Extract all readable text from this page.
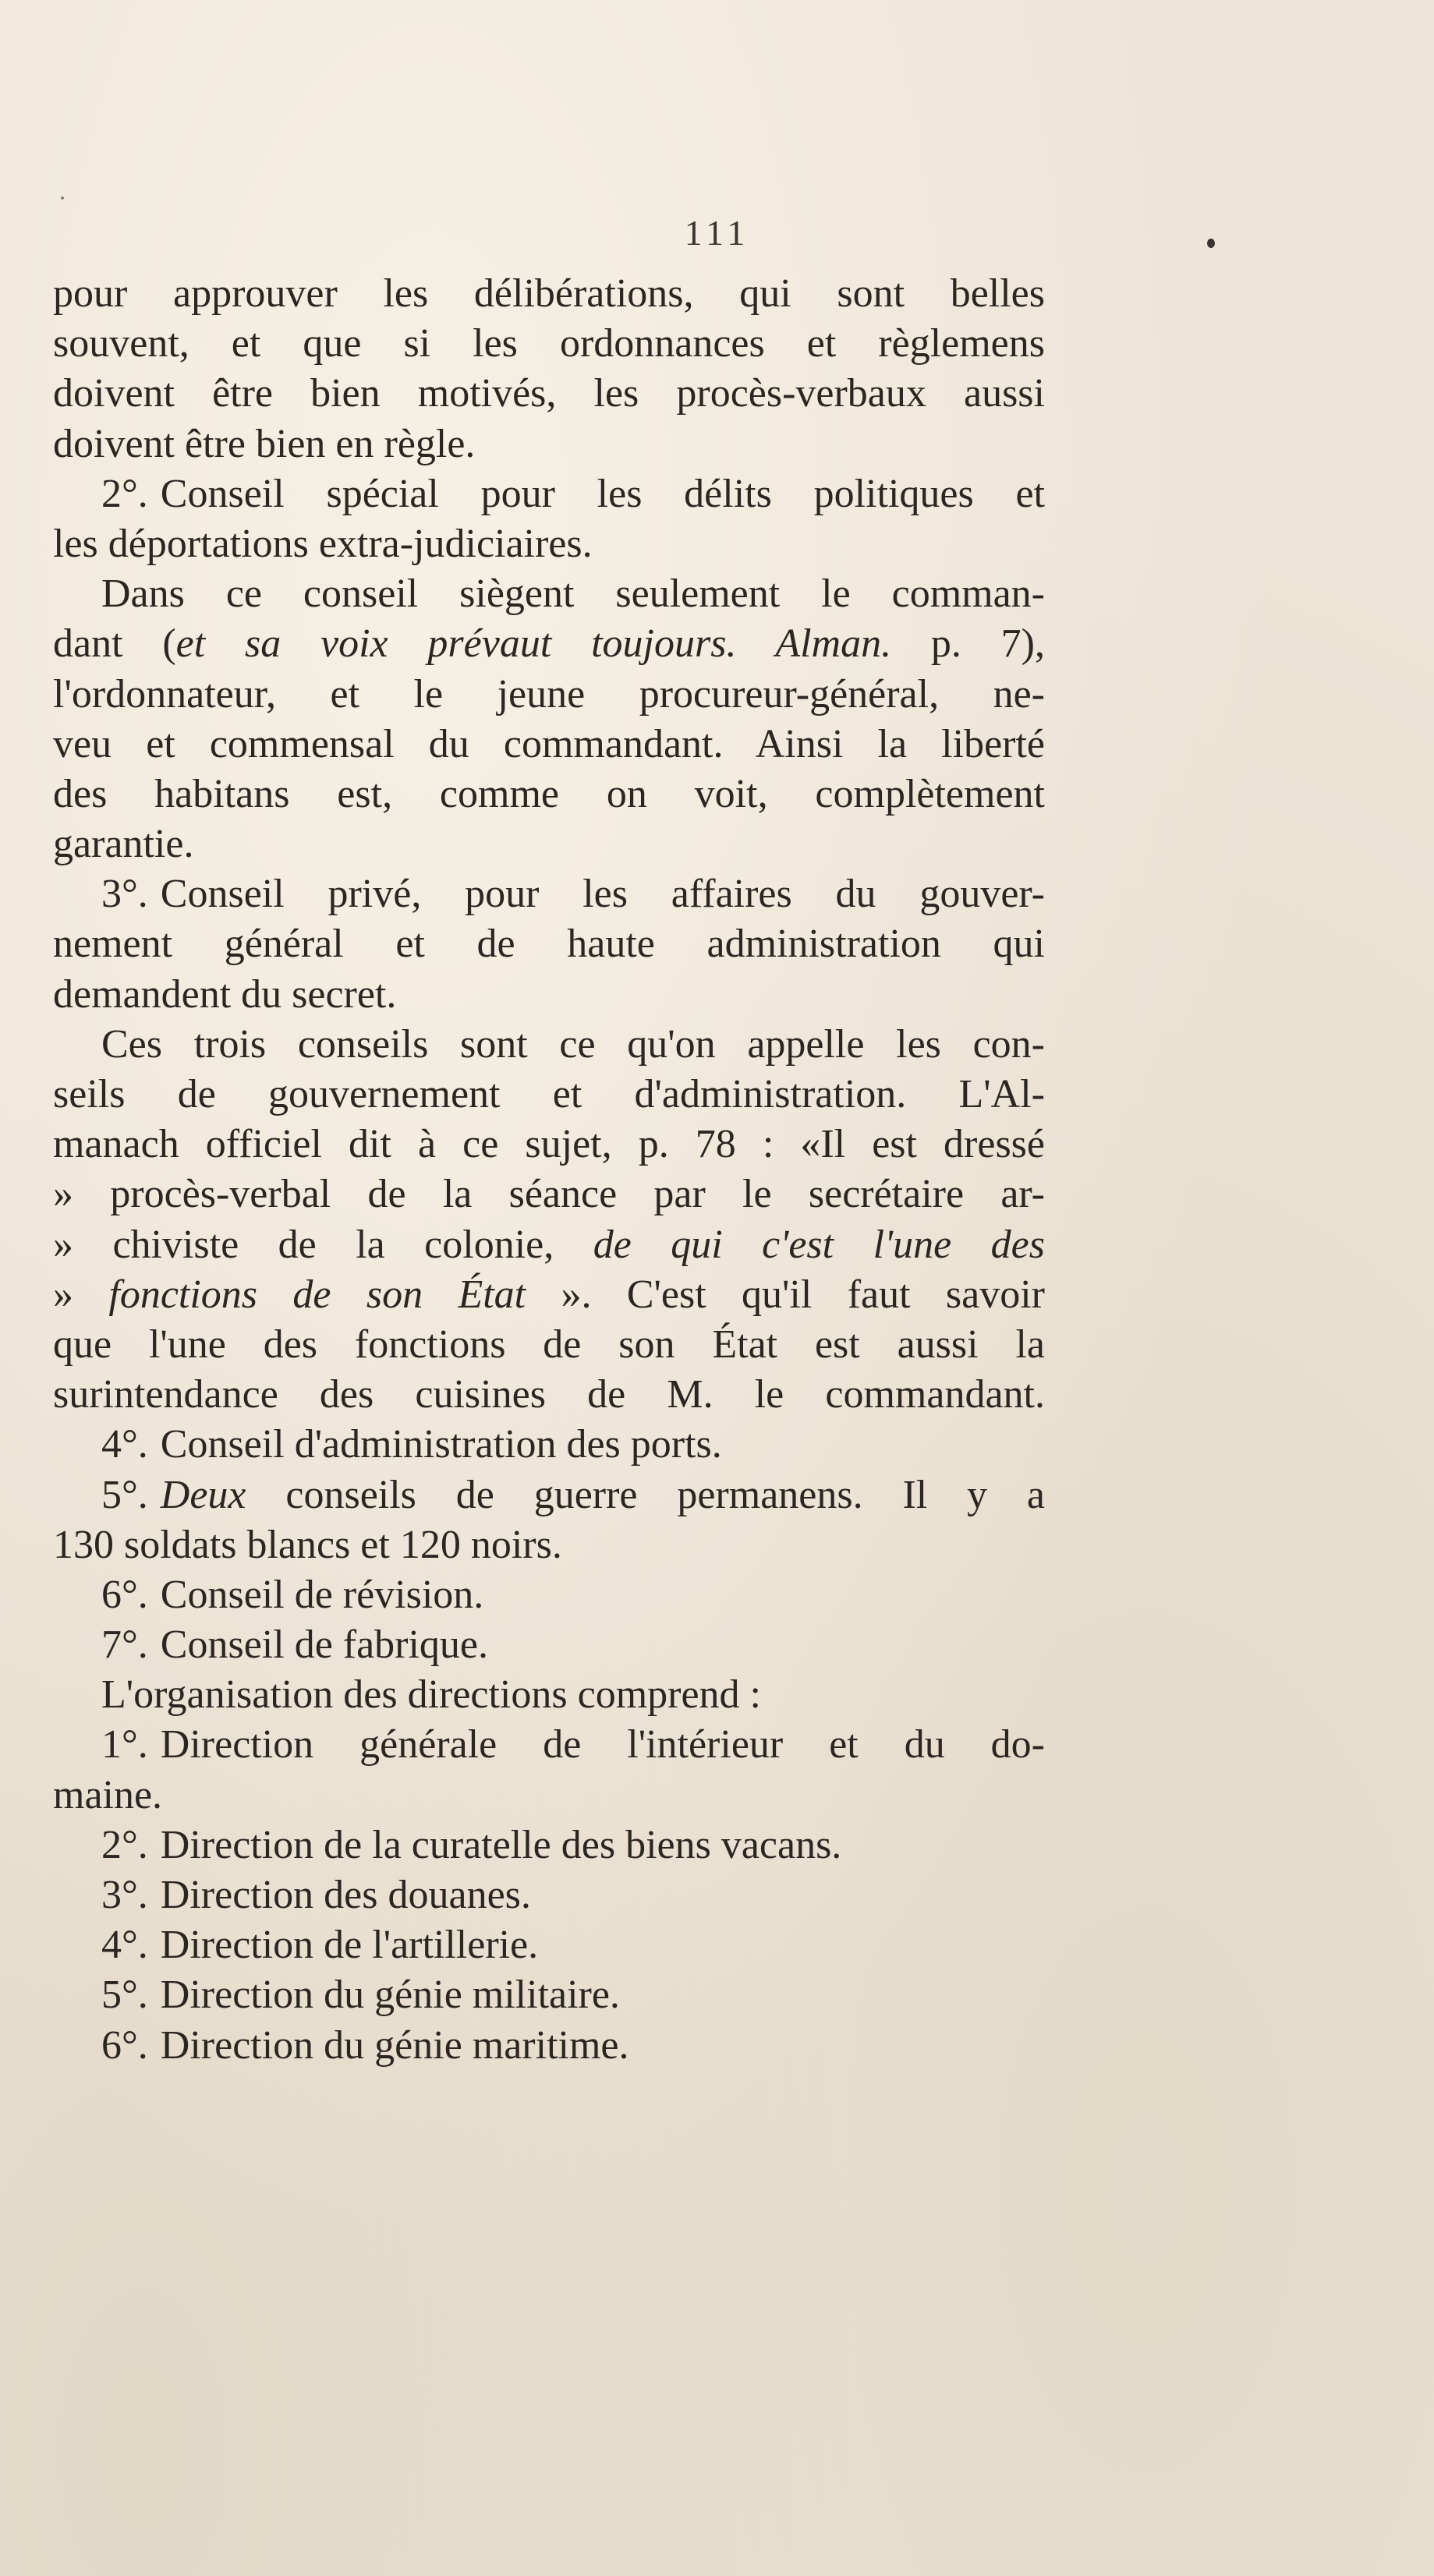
111
pour approuver les délibérations, qui sont belles
souvent, et que si les ordonnances et règlemens
doivent être bien motivés, les procès-verbaux aussi
doivent être bien en règle.
2°. Conseil spécial pour les délits politiques et
les déportations extra-judiciaires.
Dans ce conseil siègent seulement le comman-
dant (et sa voix prévaut toujours. Alman. p. 7),
l'ordonnateur, et le jeune procureur-général, ne-
veu et commensal du commandant. Ainsi la liberté
des habitans est, comme on voit, complètement
garantie.
3°. Conseil privé, pour les affaires du gouver-
nement général et de haute administration qui
demandent du secret.
Ces trois conseils sont ce qu'on appelle les con-
seils de gouvernement et d'administration. L'Al-
manach officiel dit à ce sujet, p. 78 : «Il est dressé
» procès-verbal de la séance par le secrétaire ar-
» chiviste de la colonie, de qui c'est l'une des
» fonctions de son État ». C'est qu'il faut savoir
que l'une des fonctions de son État est aussi la
surintendance des cuisines de M. le commandant.
4°. Conseil d'administration des ports.
5°. Deux conseils de guerre permanens. Il y a
130 soldats blancs et 120 noirs.
6°. Conseil de révision.
7°. Conseil de fabrique.
L'organisation des directions comprend :
1°. Direction générale de l'intérieur et du do-
maine.
2°. Direction de la curatelle des biens vacans.
3°. Direction des douanes.
4°. Direction de l'artillerie.
5°. Direction du génie militaire.
6°. Direction du génie maritime.
